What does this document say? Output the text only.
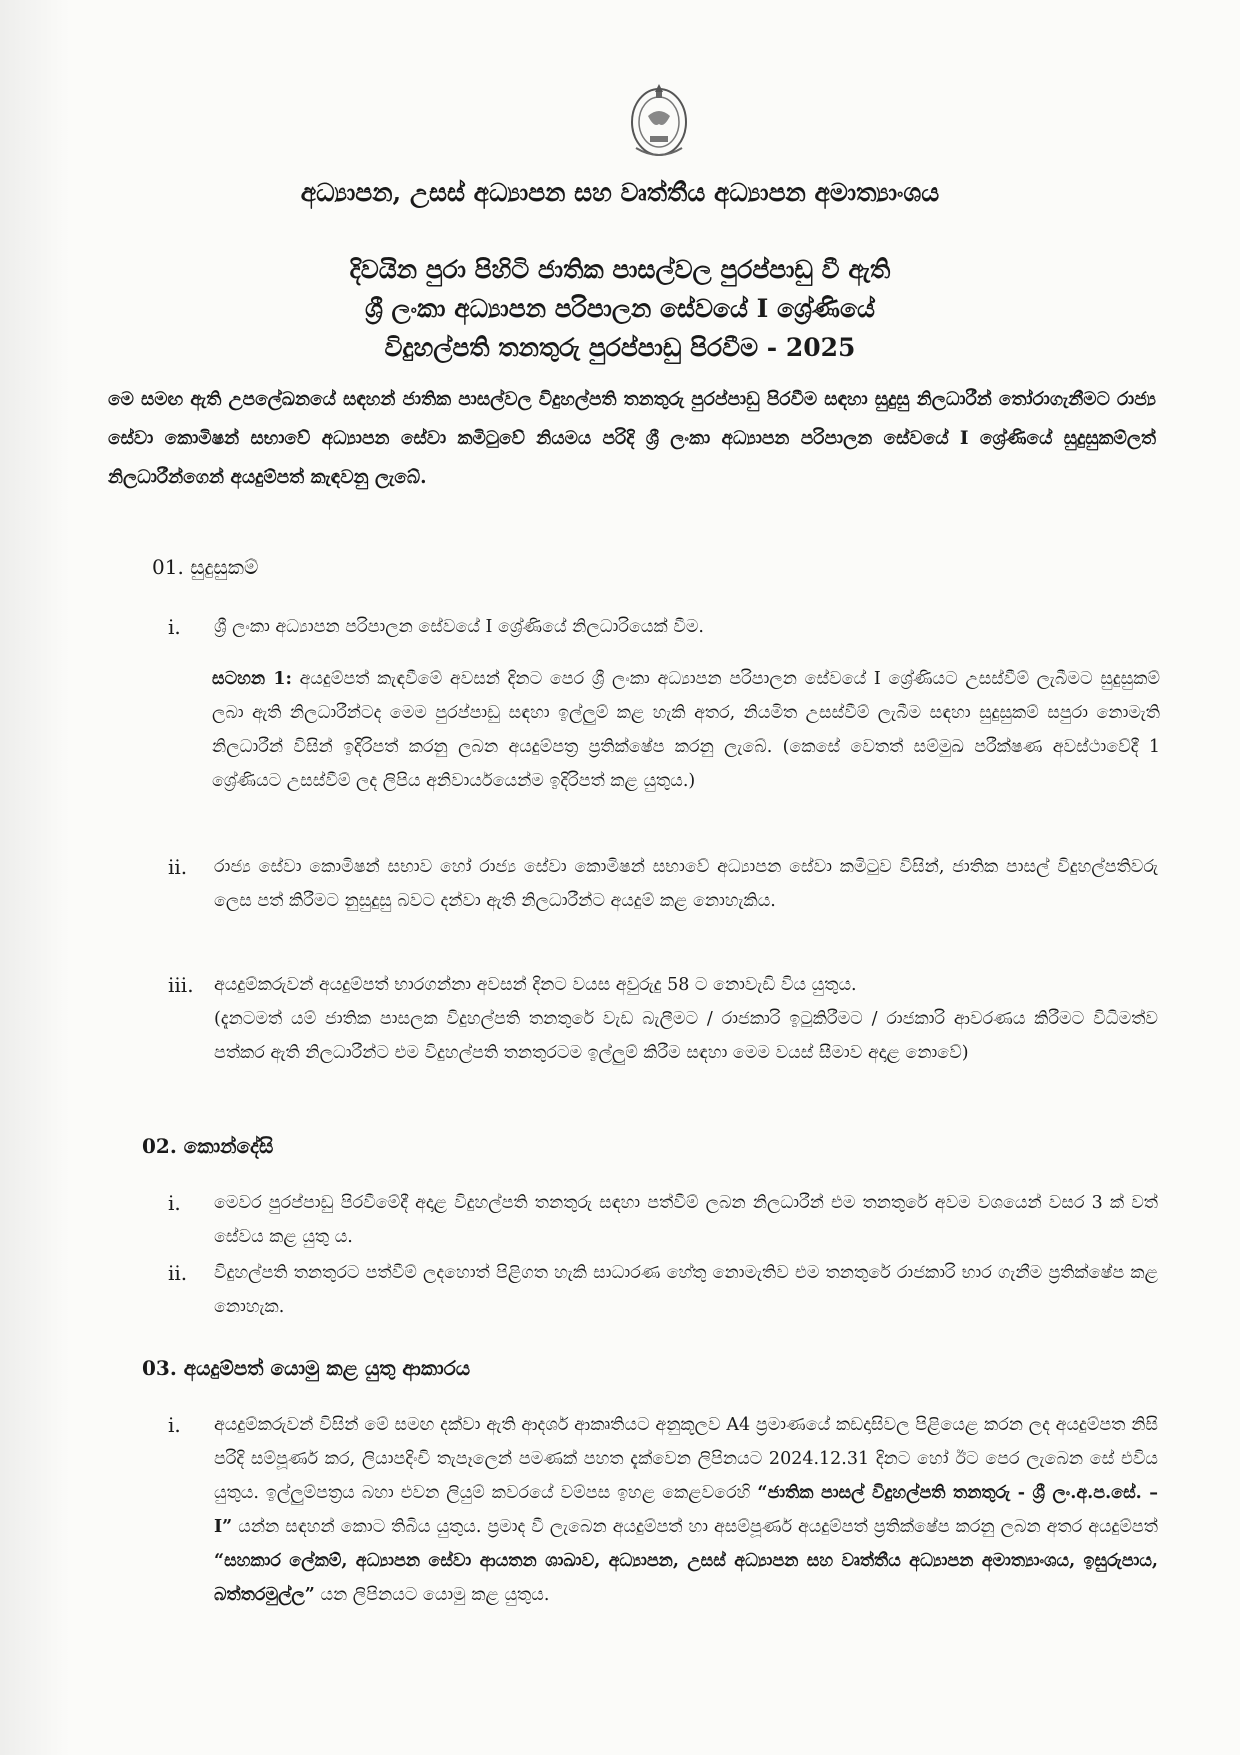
අධ්‍යාපන, උසස් අධ්‍යාපන සහ වෘත්තීය අධ්‍යාපන අමාත්‍යාංශය
දිවයින පුරා පිහිටි ජාතික පාසල්වල පුරප්පාඩු වී ඇති
ශ්‍රී ලංකා අධ්‍යාපන පරිපාලන සේවයේ I ශ්‍රේණියේ
විදුහල්පති තනතුරු පුරප්පාඩු පිරවීම - 2025
මෙ සමඟ ඇති උපලේඛනයේ සඳහන් ජාතික පාසල්වල විදුහල්පති තනතුරු පුරප්පාඩු පිරවීම සඳහා සුදුසු නිලධාරීන් තෝරාගැනීමට රාජ්‍ය සේවා කොමිෂන් සභාවේ අධ්‍යාපන සේවා කමිටුවේ නියමය පරිදි ශ්‍රී ලංකා අධ්‍යාපන පරිපාලන සේවයේ I ශ්‍රේණියේ සුදුසුකම්ලත් නිලධාරීන්ගෙන් අයදුම්පත් කැඳවනු ලැබේ.
01. සුදුසුකම්
i.	ශ්‍රී ලංකා අධ්‍යාපන පරිපාලන සේවයේ I ශ්‍රේණියේ නිලධාරියෙක් වීම.
සටහන 1: අයදුම්පත් කැඳවීමේ අවසන් දිනට පෙර ශ්‍රී ලංකා අධ්‍යාපන පරිපාලන සේවයේ I ශ්‍රේණියට උසස්වීම් ලැබීමට සුදුසුකම් ලබා ඇති නිලධාරීන්ටද මෙම පුරප්පාඩු සඳහා ඉල්ලුම් කළ හැකි අතර, නියමිත උසස්වීම් ලැබීම සඳහා සුදුසුකම් සපුරා නොමැති නිලධාරීන් විසින් ඉදිරිපත් කරනු ලබන අයදුම්පත්‍ර ප්‍රතික්ෂේප කරනු ලැබේ. (කෙසේ වෙතත් සම්මුඛ පරීක්ෂණ අවස්ථාවේදී 1 ශ්‍රේණියට උසස්වීම් ලද ලිපිය අනිවාර්යයෙන්ම ඉදිරිපත් කළ යුතුය.)
ii.	රාජ්‍ය සේවා කොමිෂන් සභාව හෝ රාජ්‍ය සේවා කොමිෂන් සභාවේ අධ්‍යාපන සේවා කමිටුව විසින්, ජාතික පාසල් විදුහල්පතිවරු ලෙස පත් කිරීමට නුසුදුසු බවට දන්වා ඇති නිලධාරීන්ට අයදුම් කළ නොහැකිය.
iii.	අයදුම්කරුවන් අයදුම්පත් භාරගන්නා අවසන් දිනට වයස අවුරුදු 58 ට නොවැඩි විය යුතුය.
(දැනටමත් යම් ජාතික පාසලක විදුහල්පති තනතුරේ වැඩ බැලීමට / රාජකාරි ඉටුකිරීමට / රාජකාරි ආවරණය කිරීමට විධිමත්ව පත්කර ඇති නිලධාරීන්ට එම විදුහල්පති තනතුරටම ඉල්ලුම් කිරීම සඳහා මෙම වයස් සීමාව අදාළ නොවේ)
02. කොන්දේසි
i.	මෙවර පුරප්පාඩු පිරවීමේදී අදාළ විදුහල්පති තනතුරු සඳහා පත්වීම් ලබන නිලධාරීන් එම තනතුරේ අවම වශයෙන් වසර 3 ක් වත් සේවය කළ යුතු ය.
ii.	විදුහල්පති තනතුරට පත්වීම් ලදහොත් පිළිගත හැකි සාධාරණ හේතු නොමැතිව එම තනතුරේ රාජකාරි භාර ගැනීම ප්‍රතික්ෂේප කළ නොහැක.
03. අයදුම්පත් යොමු කළ යුතු ආකාරය
i.	අයදුම්කරුවන් විසින් මේ සමඟ දක්වා ඇති ආදර්ශ ආකෘතියට අනුකූලව A4 ප්‍රමාණයේ කඩදාසිවල පිළියෙළ කරන ලද අයදුම්පත නිසි පරිදි සම්පූර්ණ කර, ලියාපදිංචි තැපෑලෙන් පමණක් පහත දැක්වෙන ලිපිනයට 2024.12.31 දිනට හෝ ඊට පෙර ලැබෙන සේ එවිය යුතුය. ඉල්ලුම්පත්‍රය බහා එවන ලියුම් කවරයේ වම්පස ඉහළ කෙළවරෙහි “ජාතික පාසල් විදුහල්පති තනතුරු - ශ්‍රී ලං.අ.ප.සේ. – I” යන්න සඳහන් කොට තිබිය යුතුය. ප්‍රමාද වී ලැබෙන අයදුම්පත් හා අසම්පූර්ණ අයදුම්පත් ප්‍රතික්ෂේප කරනු ලබන අතර අයදුම්පත් “සහකාර ලේකම්, අධ්‍යාපන සේවා ආයතන ශාඛාව, අධ්‍යාපන, උසස් අධ්‍යාපන සහ වෘත්තීය අධ්‍යාපන අමාත්‍යාංශය, ඉසුරුපාය, බත්තරමුල්ල” යන ලිපිනයට යොමු කළ යුතුය.
